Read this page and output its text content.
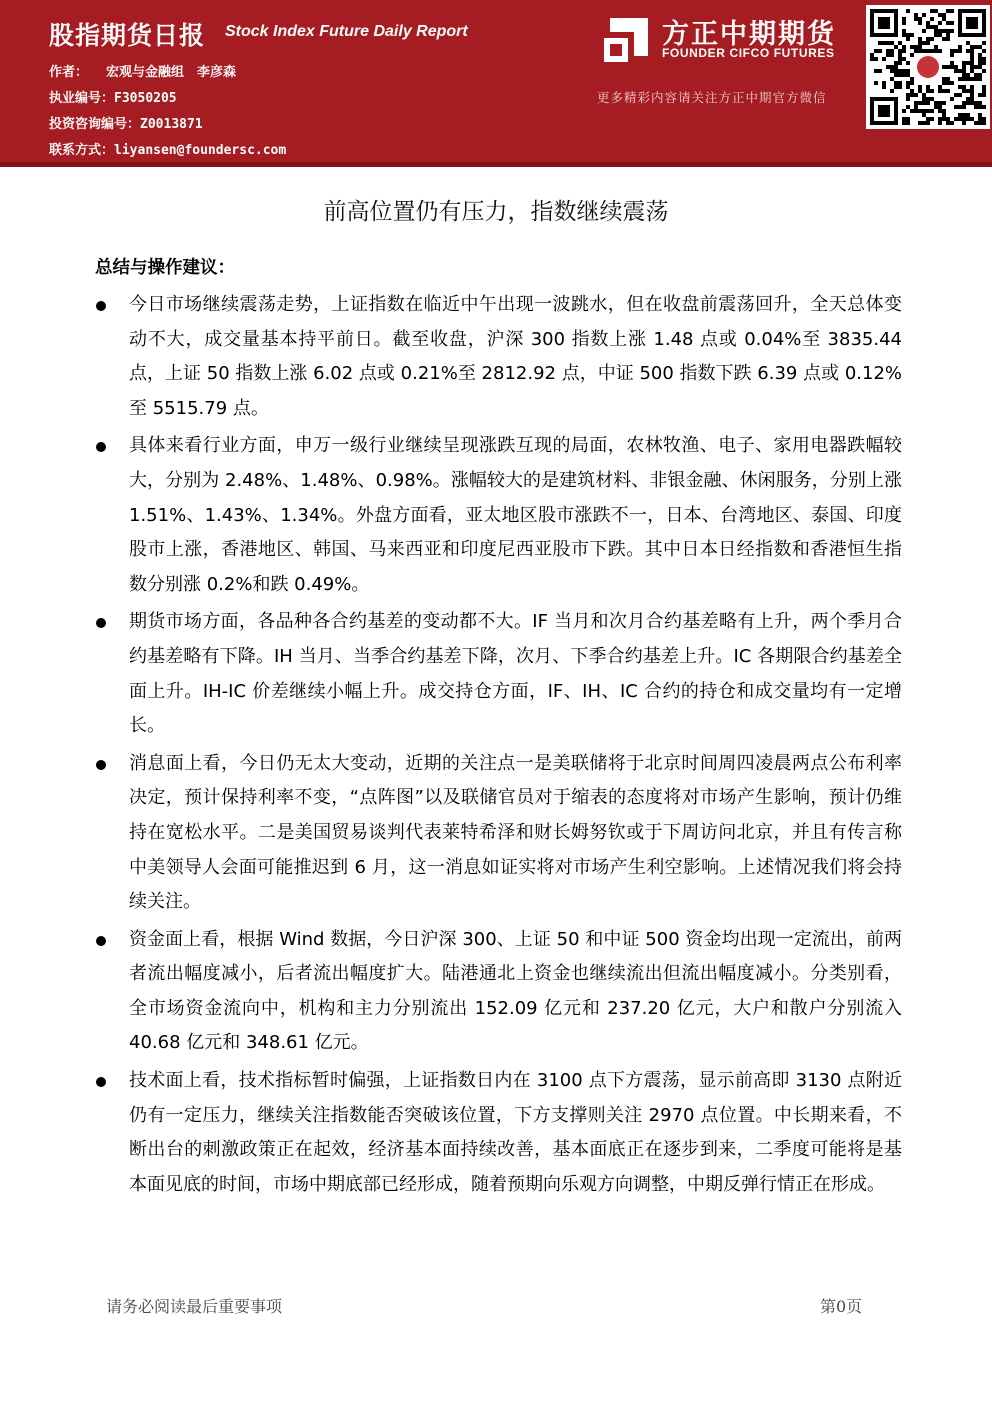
股指期货日报 Stock Index Future Daily Report
作者： 宏观与金融组　李彦森
执业编号：F3050205
投资咨询编号：Z0013871
联系方式：liyansen@foundersc.com
方正中期期货
FOUNDER CIFCO FUTURES
更多精彩内容请关注方正中期官方微信
前高位置仍有压力，指数继续震荡
总结与操作建议：
今日市场继续震荡走势，上证指数在临近中午出现一波跳水，但在收盘前震荡回升，全天总体变动不大，成交量基本持平前日。截至收盘，沪深 300 指数上涨 1.48 点或 0.04%至 3835.44 点，上证 50 指数上涨 6.02 点或 0.21%至 2812.92 点，中证 500 指数下跌 6.39 点或 0.12%至 5515.79 点。
具体来看行业方面，申万一级行业继续呈现涨跌互现的局面，农林牧渔、电子、家用电器跌幅较大，分别为 2.48%、1.48%、0.98%。涨幅较大的是建筑材料、非银金融、休闲服务，分别上涨 1.51%、1.43%、1.34%。外盘方面看，亚太地区股市涨跌不一，日本、台湾地区、泰国、印度股市上涨，香港地区、韩国、马来西亚和印度尼西亚股市下跌。其中日本日经指数和香港恒生指数分别涨 0.2%和跌 0.49%。
期货市场方面，各品种各合约基差的变动都不大。IF 当月和次月合约基差略有上升，两个季月合约基差略有下降。IH 当月、当季合约基差下降，次月、下季合约基差上升。IC 各期限合约基差全面上升。IH-IC 价差继续小幅上升。成交持仓方面，IF、IH、IC 合约的持仓和成交量均有一定增长。
消息面上看，今日仍无太大变动，近期的关注点一是美联储将于北京时间周四凌晨两点公布利率决定，预计保持利率不变，“点阵图”以及联储官员对于缩表的态度将对市场产生影响，预计仍维持在宽松水平。二是美国贸易谈判代表莱特希泽和财长姆努钦或于下周访问北京，并且有传言称中美领导人会面可能推迟到 6 月，这一消息如证实将对市场产生利空影响。上述情况我们将会持续关注。
资金面上看，根据 Wind 数据，今日沪深 300、上证 50 和中证 500 资金均出现一定流出，前两者流出幅度减小，后者流出幅度扩大。陆港通北上资金也继续流出但流出幅度减小。分类别看，全市场资金流向中，机构和主力分别流出 152.09 亿元和 237.20 亿元，大户和散户分别流入 40.68 亿元和 348.61 亿元。
技术面上看，技术指标暂时偏强，上证指数日内在 3100 点下方震荡，显示前高即 3130 点附近仍有一定压力，继续关注指数能否突破该位置，下方支撑则关注 2970 点位置。中长期来看，不断出台的刺激政策正在起效，经济基本面持续改善，基本面底正在逐步到来，二季度可能将是基本面见底的时间，市场中期底部已经形成，随着预期向乐观方向调整，中期反弹行情正在形成。
请务必阅读最后重要事项	第0页
